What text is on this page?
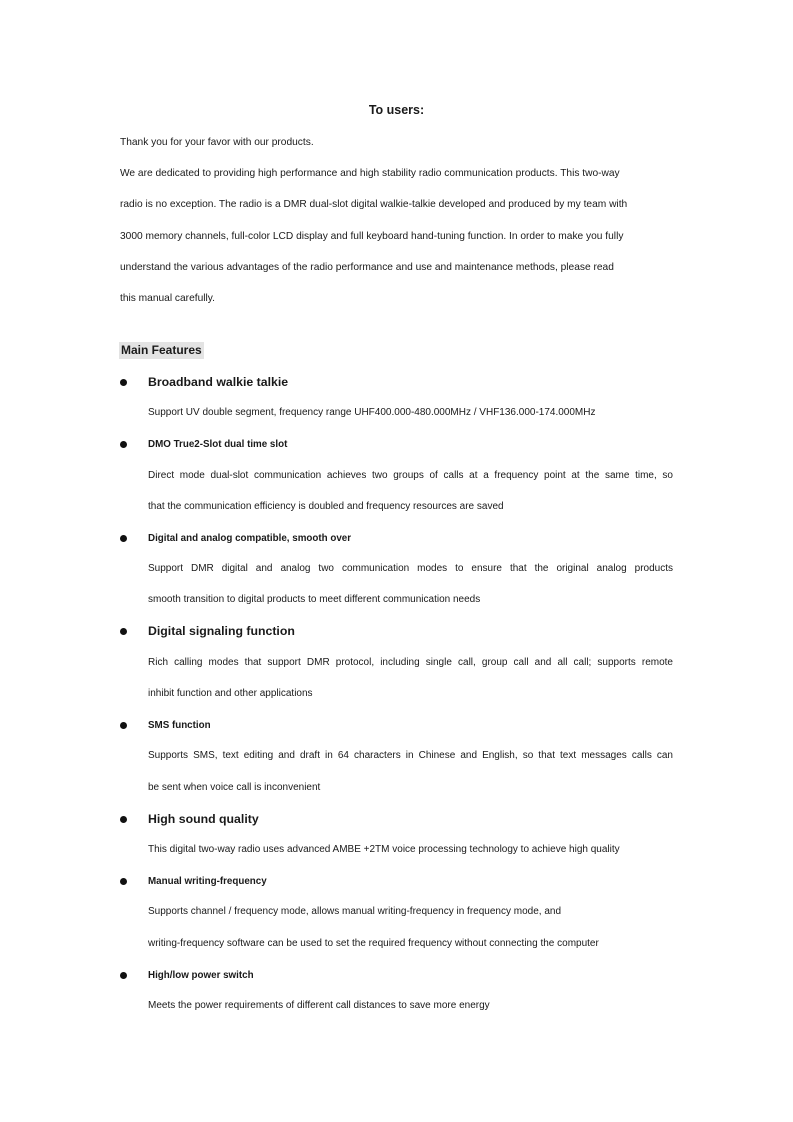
To users:
Thank you for your favor with our products.
We are dedicated to providing high performance and high stability radio communication products. This two-way
radio is no exception. The radio is a DMR dual-slot digital walkie-talkie developed and produced by my team with
3000 memory channels, full-color LCD display and full keyboard hand-tuning function. In order to make you fully
understand the various advantages of the radio performance and use and maintenance methods, please read
this manual carefully.
Main Features
Broadband walkie talkie
Support UV double segment, frequency range UHF400.000-480.000MHz / VHF136.000-174.000MHz
DMO True2-Slot dual time slot
Direct mode dual-slot communication achieves two groups of calls at a frequency point at the same time, so
that the communication efficiency is doubled and frequency resources are saved
Digital and analog compatible, smooth over
Support DMR digital and analog two communication modes to ensure that the original analog products
smooth transition to digital products to meet different communication needs
Digital signaling function
Rich calling modes that support DMR protocol, including single call, group call and all call; supports remote
inhibit function and other applications
SMS function
Supports SMS, text editing and draft in 64 characters in Chinese and English, so that text messages calls can
be sent when voice call is inconvenient
High sound quality
This digital two-way radio uses advanced AMBE +2TM voice processing technology to achieve high quality
Manual writing-frequency
Supports channel / frequency mode, allows manual writing-frequency in frequency mode, and
writing-frequency software can be used to set the required frequency without connecting the computer
High/low power switch
Meets the power requirements of different call distances to save more energy
